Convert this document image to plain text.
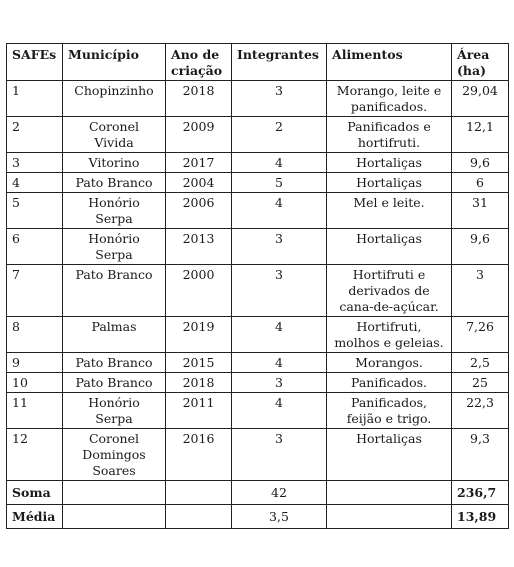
SAFEs	Município	Ano de criação	Integrantes	Alimentos	Área (ha)
1	Chopinzinho	2018	3	Morango, leite e panificados.	29,04
2	Coronel Vivida	2009	2	Panificados e hortifruti.	12,1
3	Vitorino	2017	4	Hortaliças	9,6
4	Pato Branco	2004	5	Hortaliças	6
5	Honório Serpa	2006	4	Mel e leite.	31
6	Honório Serpa	2013	3	Hortaliças	9,6
7	Pato Branco	2000	3	Hortifruti e derivados de cana-de-açúcar.	3
8	Palmas	2019	4	Hortifruti, molhos e geleias.	7,26
9	Pato Branco	2015	4	Morangos.	2,5
10	Pato Branco	2018	3	Panificados.	25
11	Honório Serpa	2011	4	Panificados, feijão e trigo.	22,3
12	Coronel Domingos Soares	2016	3	Hortaliças	9,3
Soma			42		236,7
Média			3,5		13,89
